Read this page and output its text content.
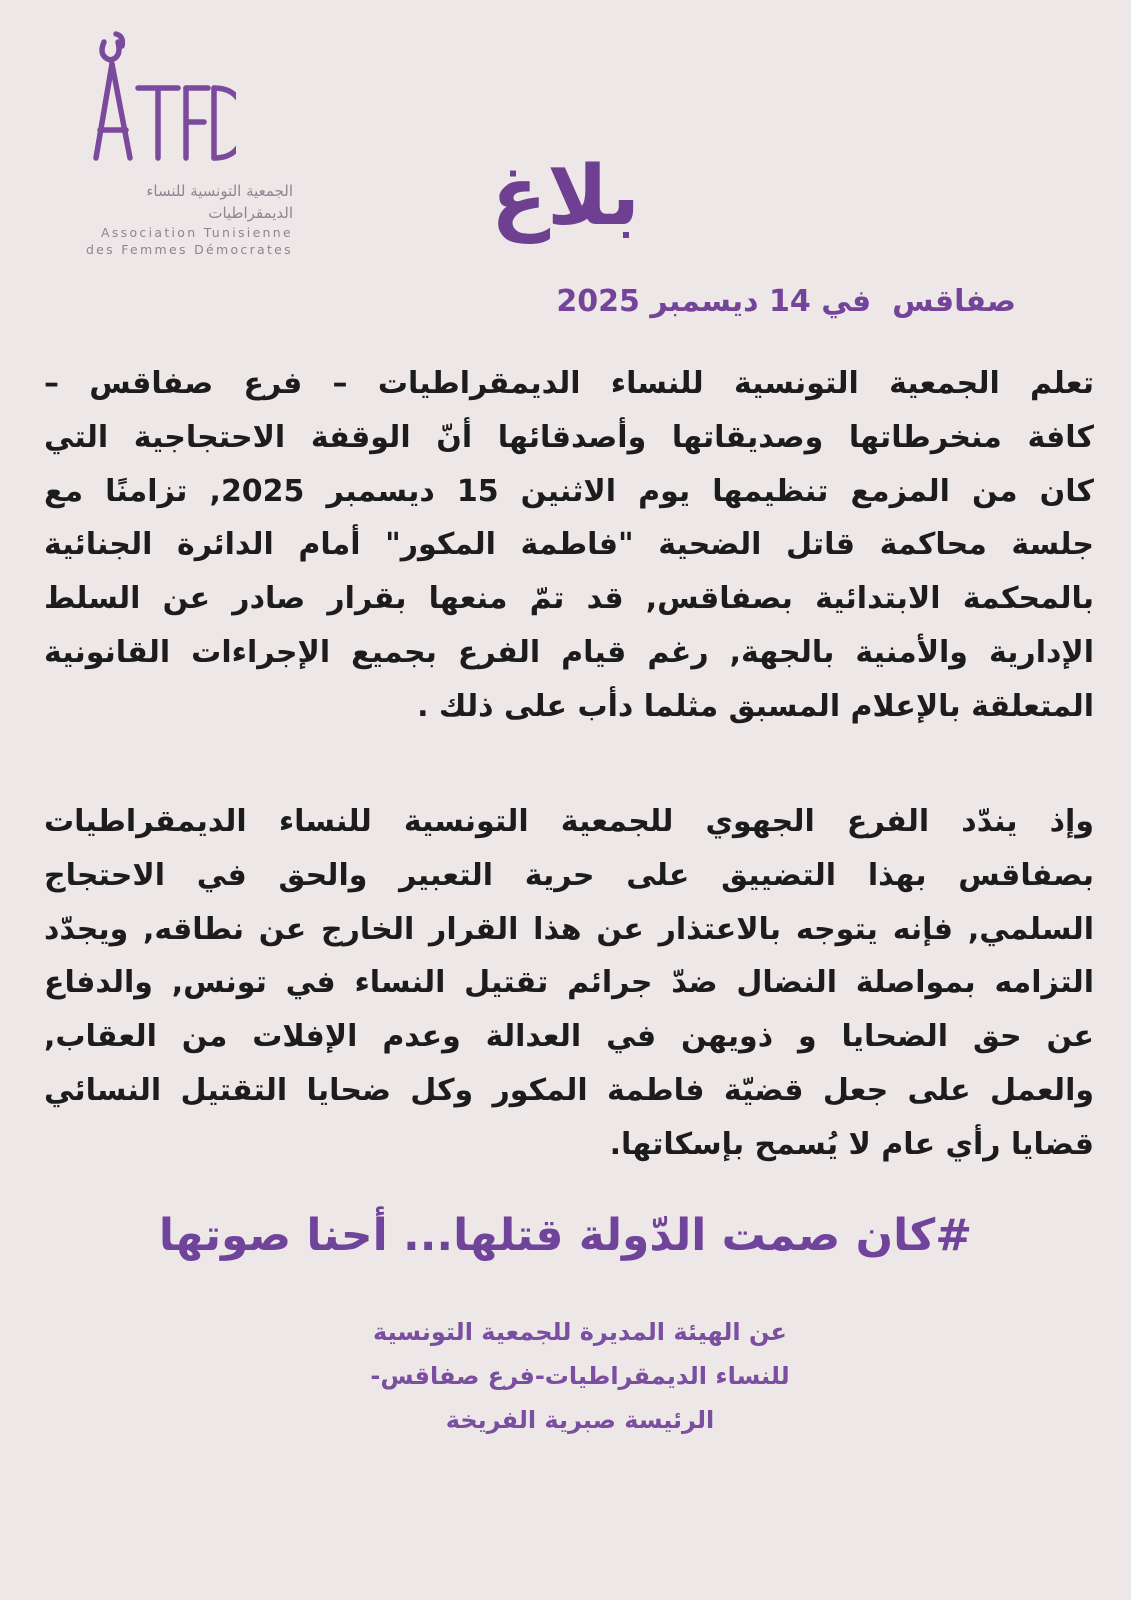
الجمعية التونسية للنساء الديمقراطيات
Association Tunisienne
des Femmes Démocrates
بلاغ
صفاقس  في 14 ديسمبر 2025
تعلم الجمعية التونسية للنساء الديمقراطيات – فرع صفاقس –
كافة منخرطاتها وصديقاتها وأصدقائها أنّ الوقفة الاحتجاجية التي
كان من المزمع تنظيمها يوم الاثنين 15 ديسمبر 2025, تزامنًا مع
جلسة محاكمة قاتل الضحية "فاطمة المكور" أمام الدائرة الجنائية
بالمحكمة الابتدائية بصفاقس, قد تمّ منعها بقرار صادر عن السلط
الإدارية والأمنية بالجهة, رغم قيام الفرع بجميع الإجراءات القانونية
المتعلقة بالإعلام المسبق مثلما دأب على ذلك .
وإذ يندّد الفرع الجهوي للجمعية التونسية للنساء الديمقراطيات
بصفاقس بهذا التضييق على حرية التعبير والحق في الاحتجاج
السلمي, فإنه يتوجه بالاعتذار عن هذا القرار الخارج عن نطاقه, ويجدّد
التزامه بمواصلة النضال ضدّ جرائم تقتيل النساء في تونس, والدفاع
عن حق الضحايا و ذويهن في العدالة وعدم الإفلات من العقاب,
والعمل على جعل قضيّة فاطمة المكور وكل ضحايا التقتيل النسائي
قضايا رأي عام لا يُسمح بإسكاتها.
#كان صمت الدّولة قتلها... أحنا صوتها
عن الهيئة المديرة للجمعية التونسية
للنساء الديمقراطيات-فرع صفاقس-
الرئيسة صبرية الفريخة
